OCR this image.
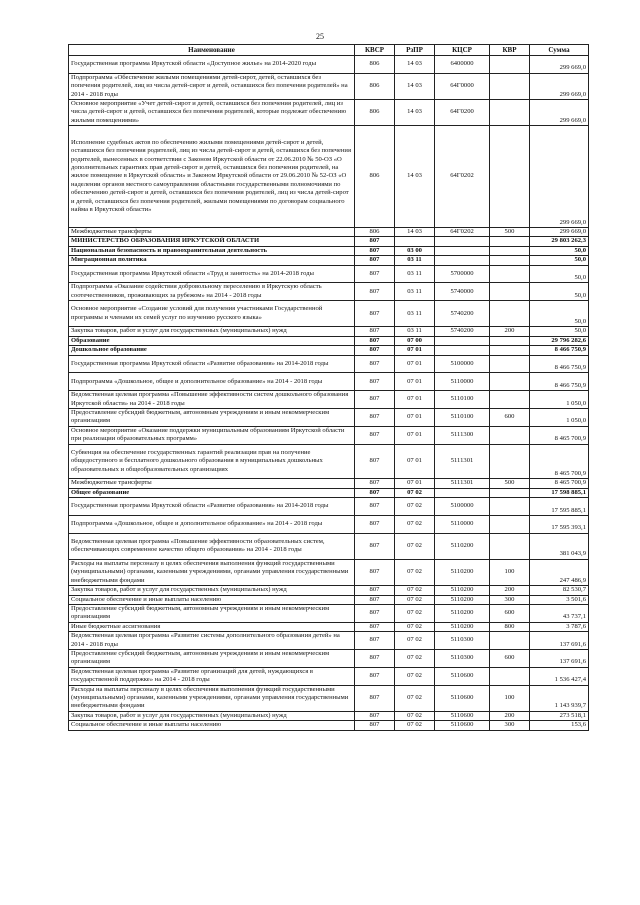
25
Наименование	КВСР	РзПР	КЦСР	КВР	Сумма
Государственная программа Иркутской области «Доступное жилье» на 2014-2020 годы	806	14 03	6400000		299 669,0
Подпрограмма «Обеспечение жилыми помещениями детей-сирот, детей, оставшихся без попечения родителей, лиц из числа детей-сирот и детей, оставшихся без попечения родителей» на 2014 - 2018 годы	806	14 03	64Г0000		299 669,0
Основное мероприятие «Учет детей-сирот и детей, оставшихся без попечения родителей, лиц из числа детей-сирот и детей, оставшихся без попечения родителей, которые подлежат обеспечению жилыми помещениями»	806	14 03	64Г0200		299 669,0
Исполнение судебных актов по обеспечению жилыми помещениями детей-сирот и детей, оставшихся без попечения родителей, лиц из числа детей-сирот и детей, оставшихся без попечения родителей, вынесенных в соответствии с Законом Иркутской области от 22.06.2010 № 50-ОЗ «О дополнительных гарантиях прав детей-сирот и детей, оставшихся без попечения родителей, на жилое помещение в Иркутской области» и Законом Иркутской области от 29.06.2010 № 52-ОЗ «О наделении органов местного самоуправления областными государственными полномочиями по обеспечению детей-сирот и детей, оставшихся без попечения родителей, лиц из числа детей-сирот и детей, оставшихся без попечения родителей, жилыми помещениями по договорам социального найма в Иркутской области»	806	14 03	64Г0202		299 669,0
Межбюджетные трансферты	806	14 03	64Г0202	500	299 669,0
МИНИСТЕРСТВО ОБРАЗОВАНИЯ ИРКУТСКОЙ ОБЛАСТИ	807				29 803 262,3
Национальная безопасность и правоохранительная деятельность	807	03 00			50,0
Миграционная политика	807	03 11			50,0
Государственная программа Иркутской области «Труд и занятость» на 2014-2018 годы	807	03 11	5700000		50,0
Подпрограмма «Оказание содействия добровольному переселению в Иркутскую область соотечественников, проживающих за рубежом» на 2014 - 2018 годы	807	03 11	5740000		50,0
Основное мероприятие «Создание условий для получения участниками Государственной программы и членами их семей услуг по изучению русского языка»	807	03 11	5740200		50,0
Закупка товаров, работ и услуг для государственных (муниципальных) нужд	807	03 11	5740200	200	50,0
Образование	807	07 00			29 796 282,6
Дошкольное образование	807	07 01			8 466 750,9
Государственная программа Иркутской области «Развитие образования» на 2014-2018 годы	807	07 01	5100000		8 466 750,9
Подпрограмма «Дошкольное, общее и дополнительное образование» на 2014 - 2018 годы	807	07 01	5110000		8 466 750,9
Ведомственная целевая программа «Повышение эффективности систем дошкольного образования Иркутской области» на 2014 - 2018 годы	807	07 01	5110100		1 050,0
Предоставление субсидий бюджетным, автономным учреждениям и иным некоммерческим организациям	807	07 01	5110100	600	1 050,0
Основное мероприятие «Оказание поддержки муниципальным образованиям Иркутской области при реализации образовательных программ»	807	07 01	5111300		8 465 700,9
Субвенция на обеспечение государственных гарантий реализации прав на получение общедоступного и бесплатного дошкольного образования в муниципальных дошкольных образовательных и общеобразовательных организациях	807	07 01	5111301		8 465 700,9
Межбюджетные трансферты	807	07 01	5111301	500	8 465 700,9
Общее образование	807	07 02			17 598 885,1
Государственная программа Иркутской области «Развитие образования» на 2014-2018 годы	807	07 02	5100000		17 595 885,1
Подпрограмма «Дошкольное, общее и дополнительное образование» на 2014 - 2018 годы	807	07 02	5110000		17 595 393,1
Ведомственная целевая программа «Повышение эффективности образовательных систем, обеспечивающих современное качество общего образования» на 2014 - 2018 годы	807	07 02	5110200		381 043,9
Расходы на выплаты персоналу в целях обеспечения выполнения функций государственными (муниципальными) органами, казенными учреждениями, органами управления государственными внебюджетными фондами	807	07 02	5110200	100	247 486,9
Закупка товаров, работ и услуг для государственных (муниципальных) нужд	807	07 02	5110200	200	82 530,7
Социальное обеспечение и иные выплаты населению	807	07 02	5110200	300	3 501,6
Предоставление субсидий бюджетным, автономным учреждениям и иным некоммерческим организациям	807	07 02	5110200	600	43 737,1
Иные бюджетные ассигнования	807	07 02	5110200	800	3 787,6
Ведомственная целевая программа «Развитие системы дополнительного образования детей» на 2014 - 2018 годы	807	07 02	5110300		137 691,6
Предоставление субсидий бюджетным, автономным учреждениям и иным некоммерческим организациям	807	07 02	5110300	600	137 691,6
Ведомственная целевая программа «Развитие организаций для детей, нуждающихся в государственной поддержке» на 2014 - 2018 годы	807	07 02	5110600		1 536 427,4
Расходы на выплаты персоналу в целях обеспечения выполнения функций государственными (муниципальными) органами, казенными учреждениями, органами управления государственными внебюджетными фондами	807	07 02	5110600	100	1 143 939,7
Закупка товаров, работ и услуг для государственных (муниципальных) нужд	807	07 02	5110600	200	273 518,1
Социальное обеспечение и иные выплаты населению	807	07 02	5110600	300	153,6
